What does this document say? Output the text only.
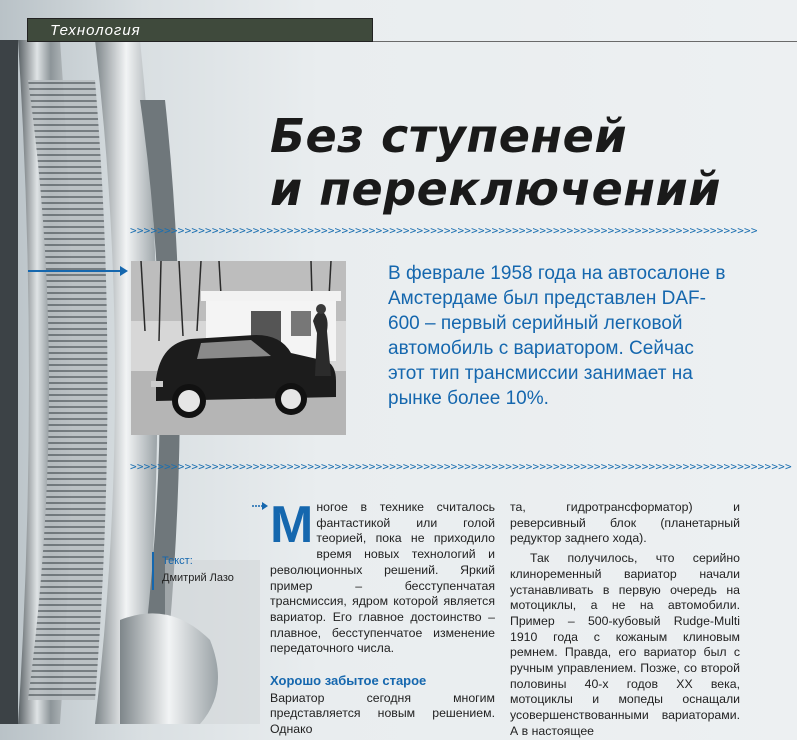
Технология
Без ступеней
и переключений
>>>>>>>>>>>>>>>>>>>>>>>>>>>>>>>>>>>>>>>>>>>>>>>>>>>>>>>>>>>>>>>>>>>>>>>>>>>>>>>>>>>>>>>>>>>>
В феврале 1958 года на автосалоне в Амстердаме был представлен DAF-600 – первый серийный легковой автомобиль с вариатором. Сейчас этот тип трансмиссии занимает на рынке более 10%.
>>>>>>>>>>>>>>>>>>>>>>>>>>>>>>>>>>>>>>>>>>>>>>>>>>>>>>>>>>>>>>>>>>>>>>>>>>>>>>>>>>>>>>>>>>>>>>>>>
Текст:
Дмитрий Лазо
М ногое в технике считалось фантастикой или голой теорией, пока не приходило время новых технологий и революционных решений. Яркий пример – бесступенчатая трансмиссия, ядром которой является вариатор. Его главное достоинство – плавное, бесступенчатое изменение передаточного числа.

Хорошо забытое старое

Вариатор сегодня многим представляется новым решением. Однако

та, гидротрансформатор) и реверсивный блок (планетарный редуктор заднего хода).

Так получилось, что серийно клиноременный вариатор начали устанавливать в первую очередь на мотоциклы, а не на автомобили. Пример – 500-кубовый Rudge-Multi 1910 года с кожаным клиновым ремнем. Правда, его вариатор был с ручным управлением. Позже, со второй половины 40-х годов XX века, мотоциклы и мопеды оснащали усовершенствованными вариаторами. А в настоящее
